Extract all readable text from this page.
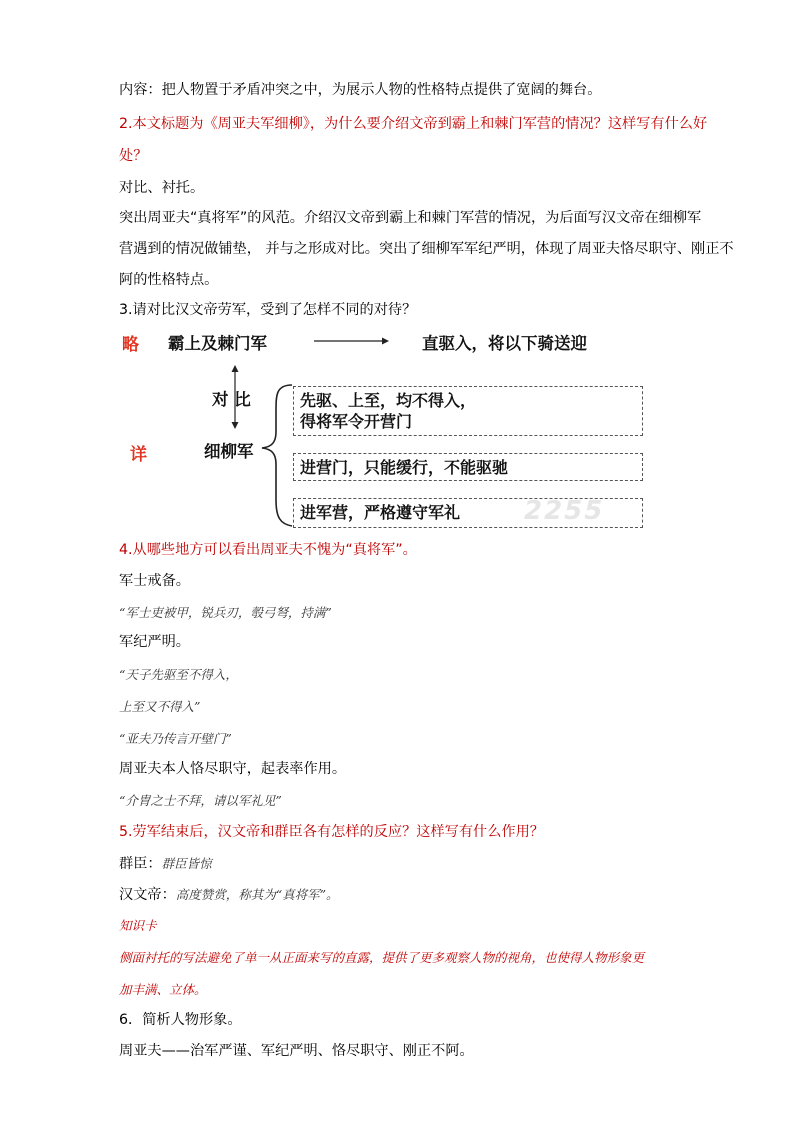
内容：把人物置于矛盾冲突之中，为展示人物的性格特点提供了宽阔的舞台。
2.本文标题为《周亚夫军细柳》，为什么要介绍文帝到霸上和棘门军营的情况？这样写有什么好
处？
对比、衬托。
突出周亚夫“真将军”的风范。介绍汉文帝到霸上和棘门军营的情况，为后面写汉文帝在细柳军
营遇到的情况做铺垫， 并与之形成对比。突出了细柳军军纪严明，体现了周亚夫恪尽职守、刚正不
阿的性格特点。
3.请对比汉文帝劳军，受到了怎样不同的对待？
2255
略 霸上及棘门军	直驱入，将以下骑送迎
对 比
详	细柳军
先驱、上至，均不得入，
得将军令开营门
进营门，只能缓行，不能驱驰
进军营，严格遵守军礼
4.从哪些地方可以看出周亚夫不愧为“真将军”。
军士戒备。
“军士吏被甲，锐兵刃，彀弓弩，持满”
军纪严明。
“天子先驱至不得入，
上至又不得入”
“亚夫乃传言开壁门”
周亚夫本人恪尽职守，起表率作用。
“介胄之士不拜，请以军礼见”
5.劳军结束后，汉文帝和群臣各有怎样的反应？这样写有什么作用？
群臣：群臣皆惊
汉文帝：高度赞赏，称其为“真将军”。
知识卡
侧面衬托的写法避免了单一从正面来写的直露，提供了更多观察人物的视角，也使得人物形象更
加丰满、立体。
6．简析人物形象。
周亚夫——治军严谨、军纪严明、恪尽职守、刚正不阿。
